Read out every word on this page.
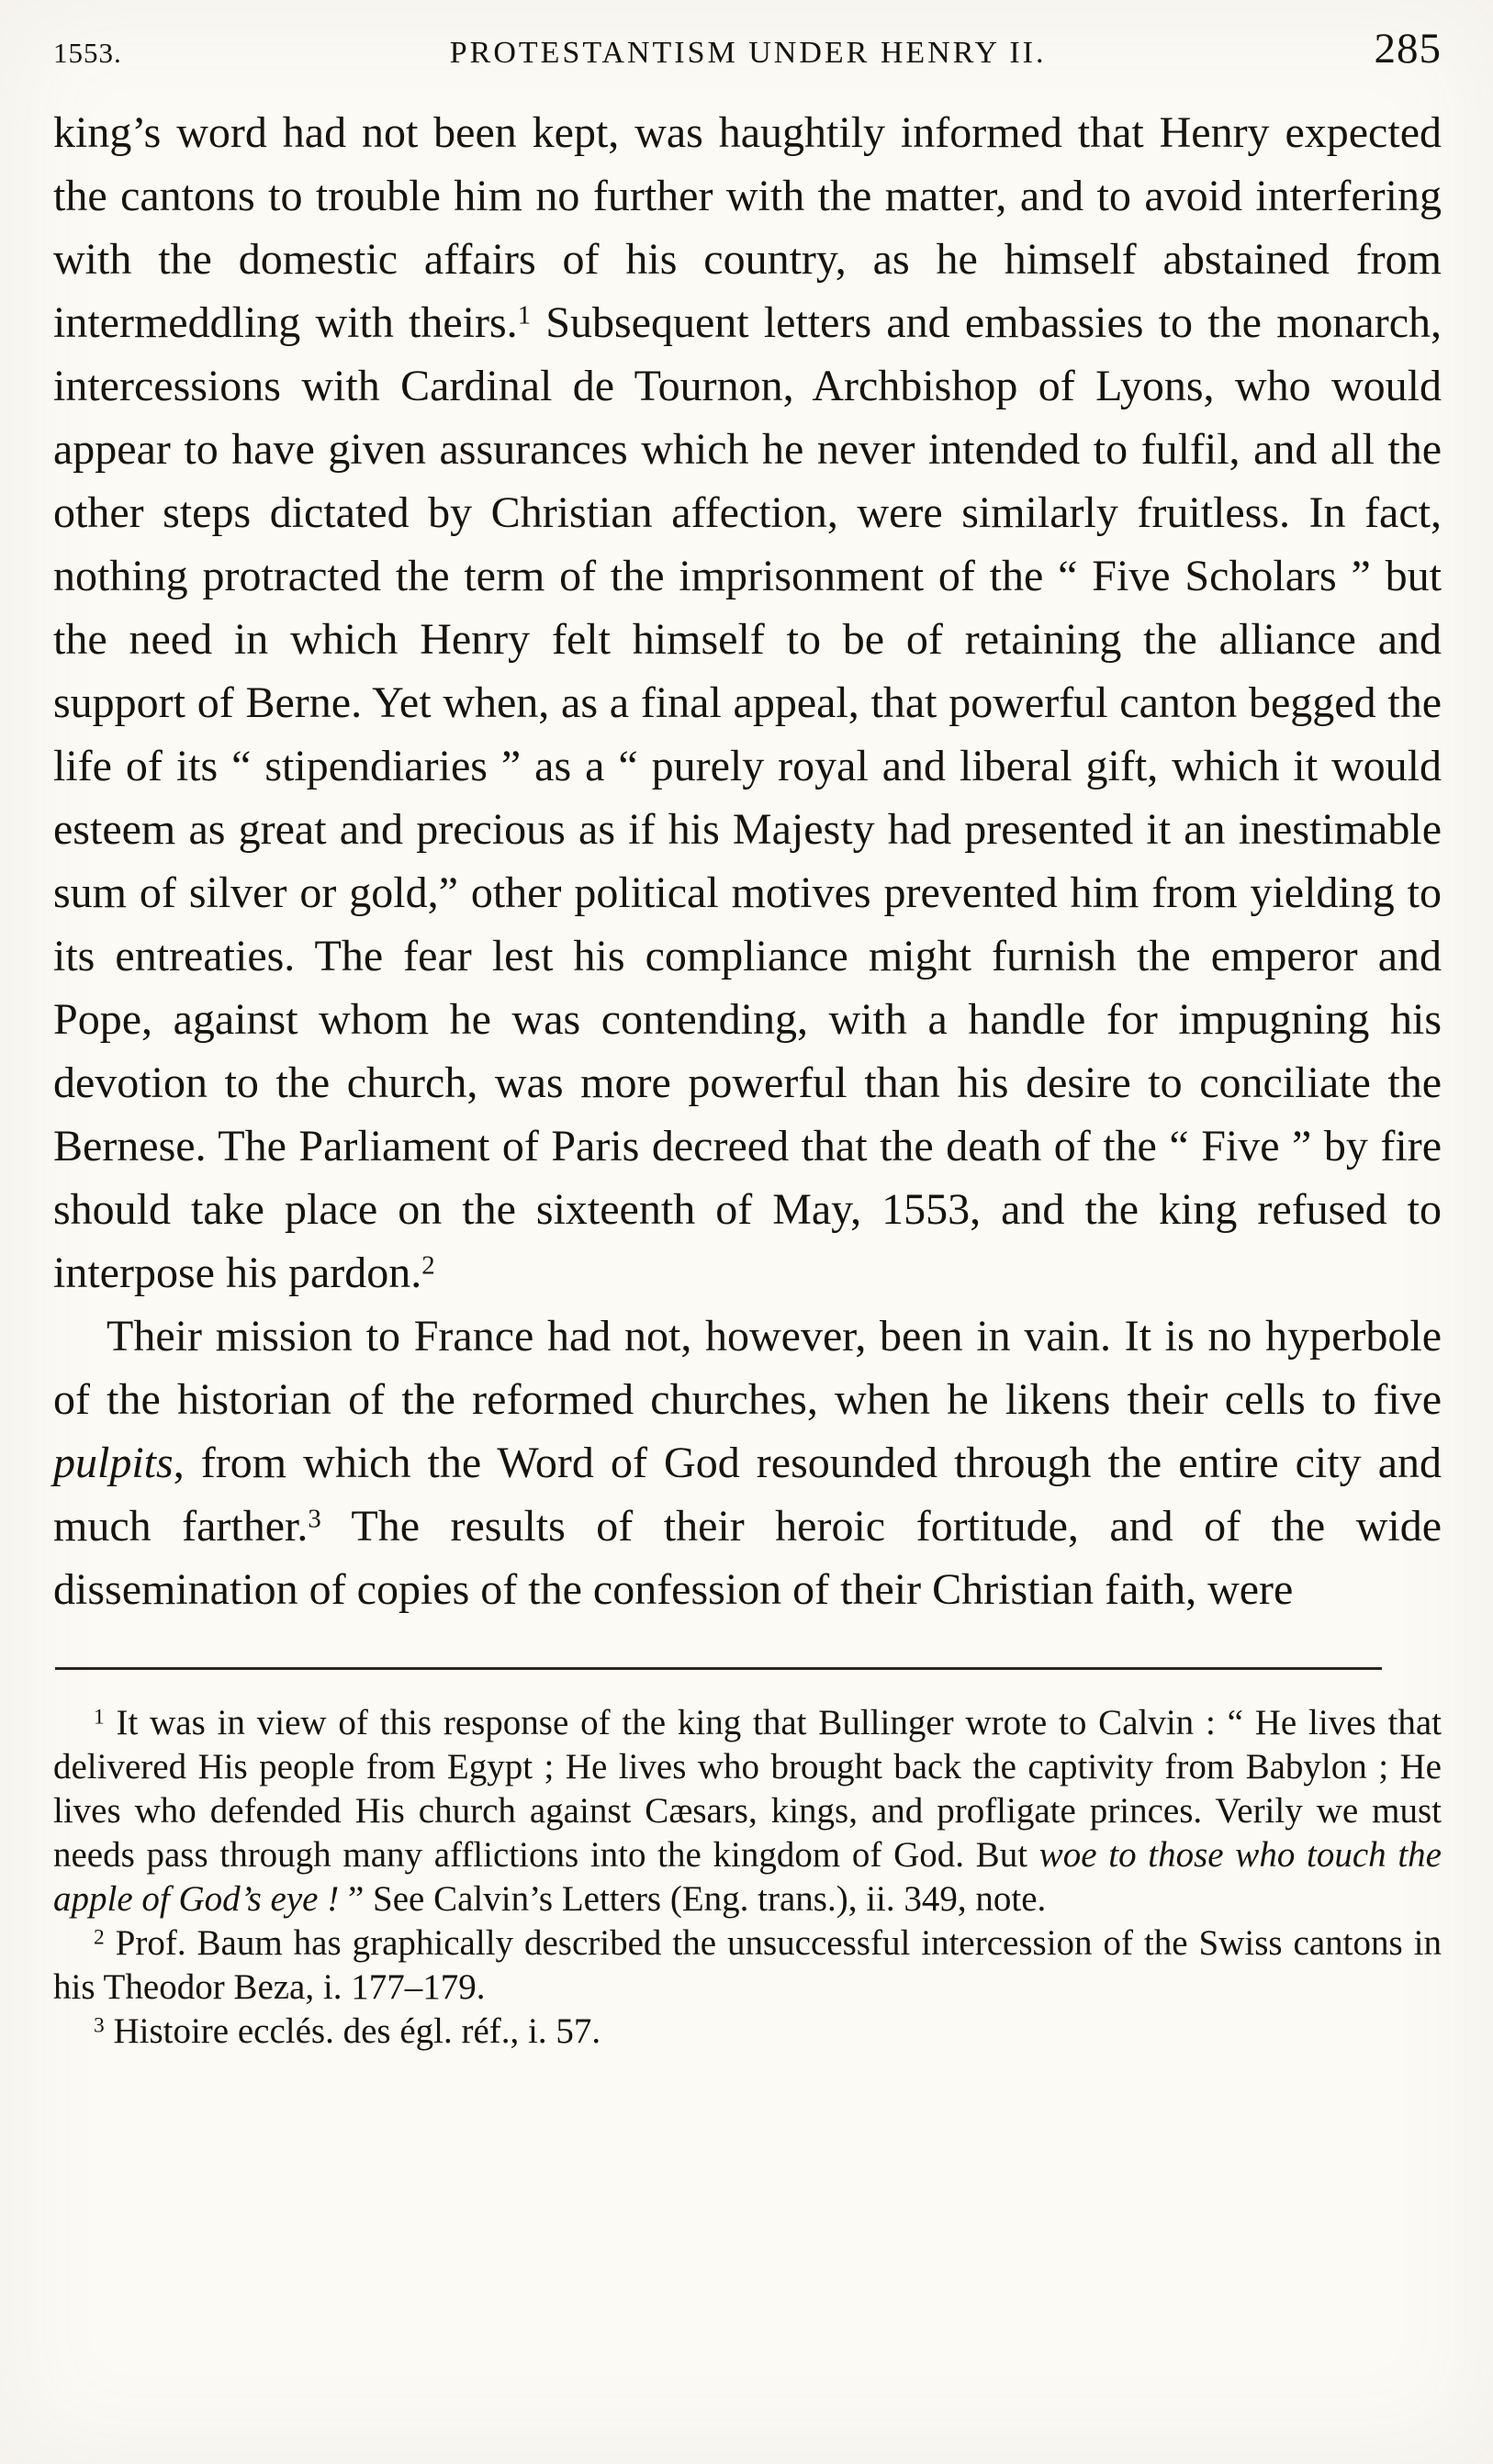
1553.	PROTESTANTISM UNDER HENRY II.	285

king’s word had not been kept, was haughtily informed that Henry expected the cantons to trouble him no further with the matter, and to avoid interfering with the domestic affairs of his country, as he himself abstained from intermeddling with theirs.$^1$ Subsequent letters and embassies to the monarch, intercessions with Cardinal de Tournon, Archbishop of Lyons, who would appear to have given assurances which he never intended to fulfil, and all the other steps dictated by Christian affection, were similarly fruitless. In fact, nothing protracted the term of the imprisonment of the “ Five Scholars ” but the need in which Henry felt himself to be of retaining the alliance and support of Berne. Yet when, as a final appeal, that powerful canton begged the life of its “ stipendiaries ” as a “ purely royal and liberal gift, which it would esteem as great and precious as if his Majesty had presented it an inestimable sum of silver or gold,” other political motives prevented him from yielding to its entreaties. The fear lest his compliance might furnish the emperor and Pope, against whom he was contending, with a handle for impugning his devotion to the church, was more powerful than his desire to conciliate the Bernese. The Parliament of Paris decreed that the death of the “ Five ” by fire should take place on the sixteenth of May, 1553, and the king refused to interpose his pardon.$^2$

Their mission to France had not, however, been in vain. It is no hyperbole of the historian of the reformed churches, when he likens their cells to five pulpits, from which the Word of God resounded through the entire city and much farther.$^3$ The results of their heroic fortitude, and of the wide dissemination of copies of the confession of their Christian faith, were

$^1$ It was in view of this response of the king that Bullinger wrote to Calvin : “ He lives that delivered His people from Egypt ; He lives who brought back the captivity from Babylon ; He lives who defended His church against Cæsars, kings, and profligate princes. Verily we must needs pass through many afflictions into the kingdom of God. But woe to those who touch the apple of God’s eye ! ” See Calvin’s Letters (Eng. trans.), ii. 349, note.

$^2$ Prof. Baum has graphically described the unsuccessful intercession of the Swiss cantons in his Theodor Beza, i. 177–179.

$^3$ Histoire ecclés. des égl. réf., i. 57.
